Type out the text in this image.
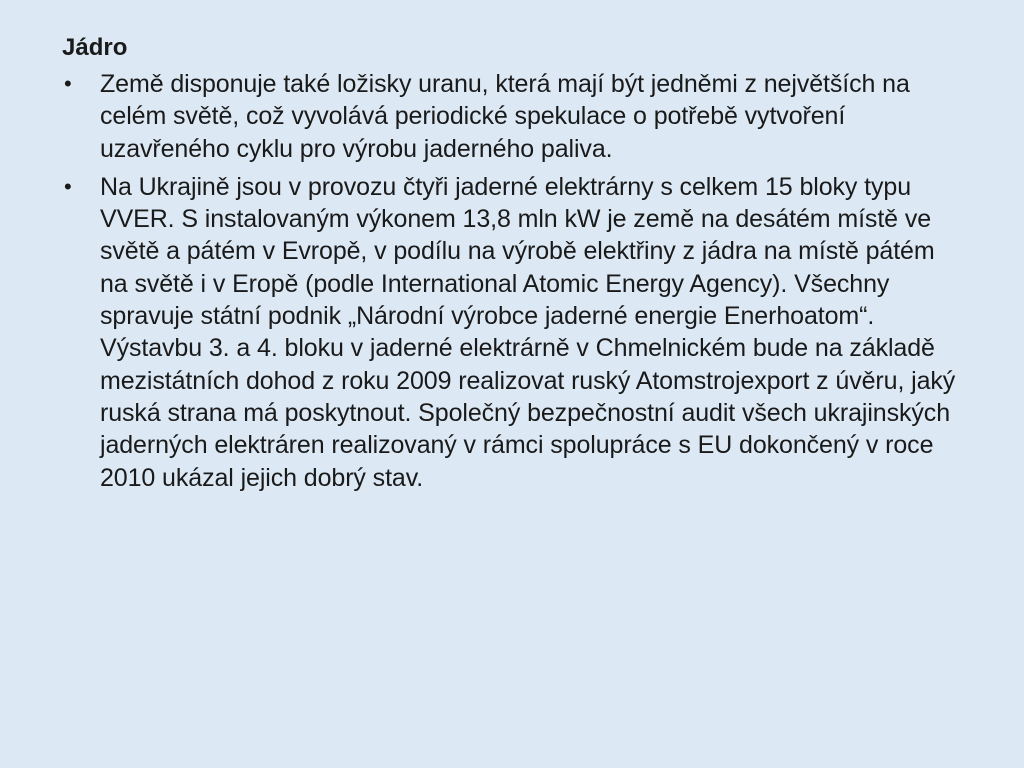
Jádro
• Země disponuje také ložisky uranu, která mají být jedněmi z největších na celém světě, což vyvolává periodické spekulace o potřebě vytvoření uzavřeného cyklu pro výrobu jaderného paliva.
• Na Ukrajině jsou v provozu čtyři jaderné elektrárny s celkem 15 bloky typu VVER. S instalovaným výkonem 13,8 mln kW je země na desátém místě ve světě a pátém v Evropě, v podílu na výrobě elektřiny z jádra na místě pátém na světě i v Eropě (podle International Atomic Energy Agency). Všechny spravuje státní podnik „Národní výrobce jaderné energie Enerhoatom“. Výstavbu 3. a 4. bloku v jaderné elektrárně v Chmelnickém bude na základě mezistátních dohod z roku 2009 realizovat ruský Atomstrojexport z úvěru, jaký ruská strana má poskytnout. Společný bezpečnostní audit všech ukrajinských jaderných elektráren realizovaný v rámci spolupráce s EU dokončený v roce 2010 ukázal jejich dobrý stav.
